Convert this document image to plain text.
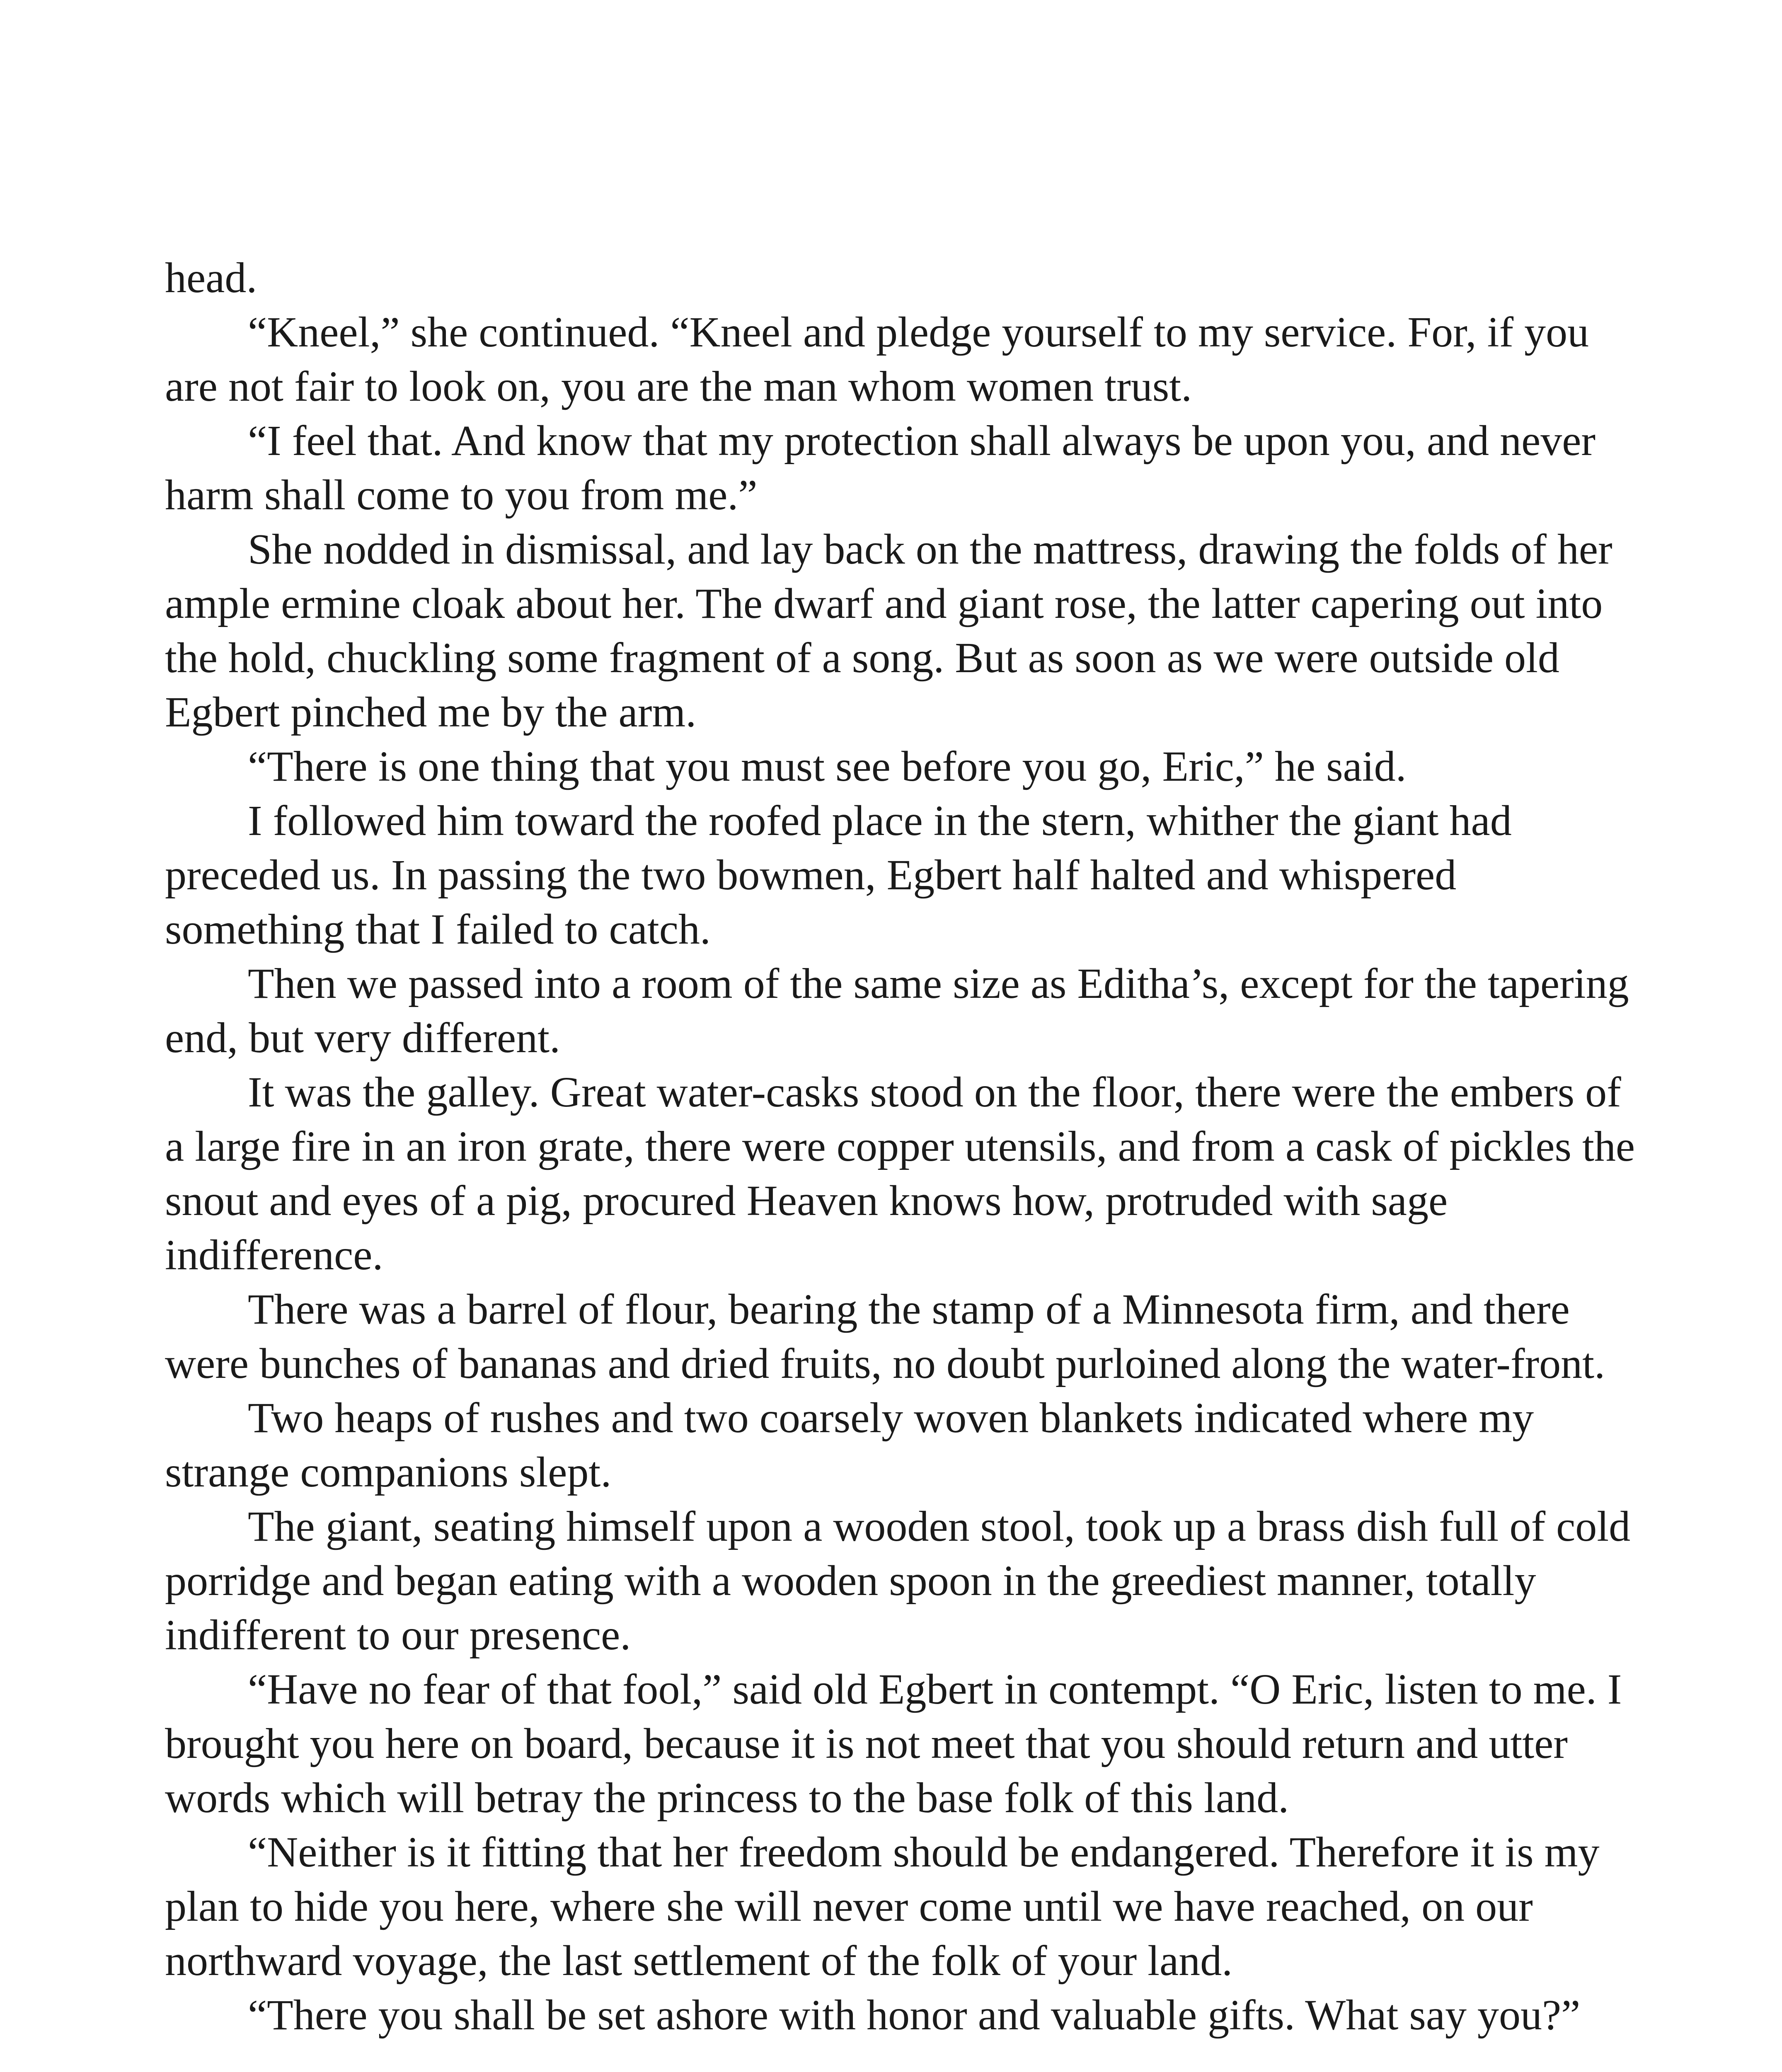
head.

“Kneel,” she continued. “Kneel and pledge yourself to my service. For, if you are not fair to look on, you are the man whom women trust.

“I feel that. And know that my protection shall always be upon you, and never harm shall come to you from me.”

She nodded in dismissal, and lay back on the mattress, drawing the folds of her ample ermine cloak about her. The dwarf and giant rose, the latter capering out into the hold, chuckling some fragment of a song. But as soon as we were outside old Egbert pinched me by the arm.

“There is one thing that you must see before you go, Eric,” he said.

I followed him toward the roofed place in the stern, whither the giant had preceded us. In passing the two bowmen, Egbert half halted and whispered something that I failed to catch.

Then we passed into a room of the same size as Editha’s, except for the tapering end, but very different.

It was the galley. Great water-casks stood on the floor, there were the embers of a large fire in an iron grate, there were copper utensils, and from a cask of pickles the snout and eyes of a pig, procured Heaven knows how, protruded with sage indifference.

There was a barrel of flour, bearing the stamp of a Minnesota firm, and there were bunches of bananas and dried fruits, no doubt purloined along the water-front.

Two heaps of rushes and two coarsely woven blankets indicated where my strange companions slept.

The giant, seating himself upon a wooden stool, took up a brass dish full of cold porridge and began eating with a wooden spoon in the greediest manner, totally indifferent to our presence.

“Have no fear of that fool,” said old Egbert in contempt. “O Eric, listen to me. I brought you here on board, because it is not meet that you should return and utter words which will betray the princess to the base folk of this land.

“Neither is it fitting that her freedom should be endangered. Therefore it is my plan to hide you here, where she will never come until we have reached, on our northward voyage, the last settlement of the folk of your land.

“There you shall be set ashore with honor and valuable gifts. What say you?”
